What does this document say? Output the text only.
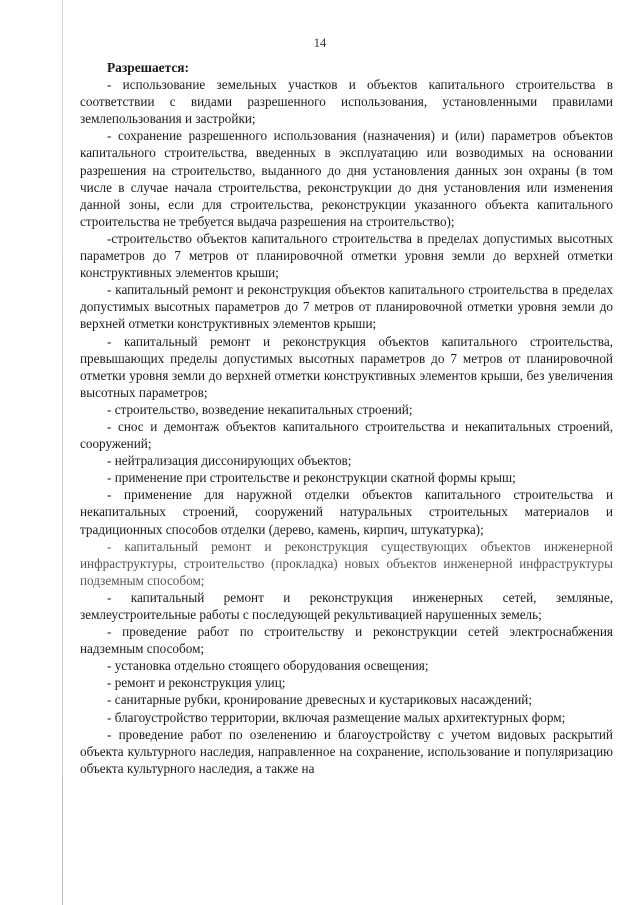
14

Разрешается:

- использование земельных участков и объектов капитального строительства в соответствии с видами разрешенного использования, установленными правилами землепользования и застройки;

- сохранение разрешенного использования (назначения) и (или) параметров объектов капитального строительства, введенных в эксплуатацию или возводимых на основании разрешения на строительство, выданного до дня установления данных зон охраны (в том числе в случае начала строительства, реконструкции до дня установления или изменения данной зоны, если для строительства, реконструкции указанного объекта капитального строительства не требуется выдача разрешения на строительство);

-строительство объектов капитального строительства в пределах допустимых высотных параметров до 7 метров от планировочной отметки уровня земли до верхней отметки конструктивных элементов крыши;

- капитальный ремонт и реконструкция объектов капитального строительства в пределах допустимых высотных параметров до 7 метров от планировочной отметки уровня земли до верхней отметки конструктивных элементов крыши;

- капитальный ремонт и реконструкция объектов капитального строительства, превышающих пределы допустимых высотных параметров до 7 метров от планировочной отметки уровня земли до верхней отметки конструктивных элементов крыши, без увеличения высотных параметров;

- строительство, возведение некапитальных строений;

- снос и демонтаж объектов капитального строительства и некапитальных строений, сооружений;

- нейтрализация диссонирующих объектов;

- применение при строительстве и реконструкции скатной формы крыш;

- применение для наружной отделки объектов капитального строительства и некапитальных строений, сооружений натуральных строительных материалов и традиционных способов отделки (дерево, камень, кирпич, штукатурка);

- капитальный ремонт и реконструкция существующих объектов инженерной инфраструктуры, строительство (прокладка) новых объектов инженерной инфраструктуры подземным способом;

- капитальный ремонт и реконструкция инженерных сетей, земляные, землеустроительные работы с последующей рекультивацией нарушенных земель;

- проведение работ по строительству и реконструкции сетей электроснабжения надземным способом;

- установка отдельно стоящего оборудования освещения;

- ремонт и реконструкция улиц;

- санитарные рубки, кронирование древесных и кустариковых насаждений;

- благоустройство территории, включая размещение малых архитектурных форм;

- проведение работ по озеленению и благоустройству с учетом видовых раскрытий объекта культурного наследия, направленное на сохранение, использование и популяризацию объекта культурного наследия, а также на
